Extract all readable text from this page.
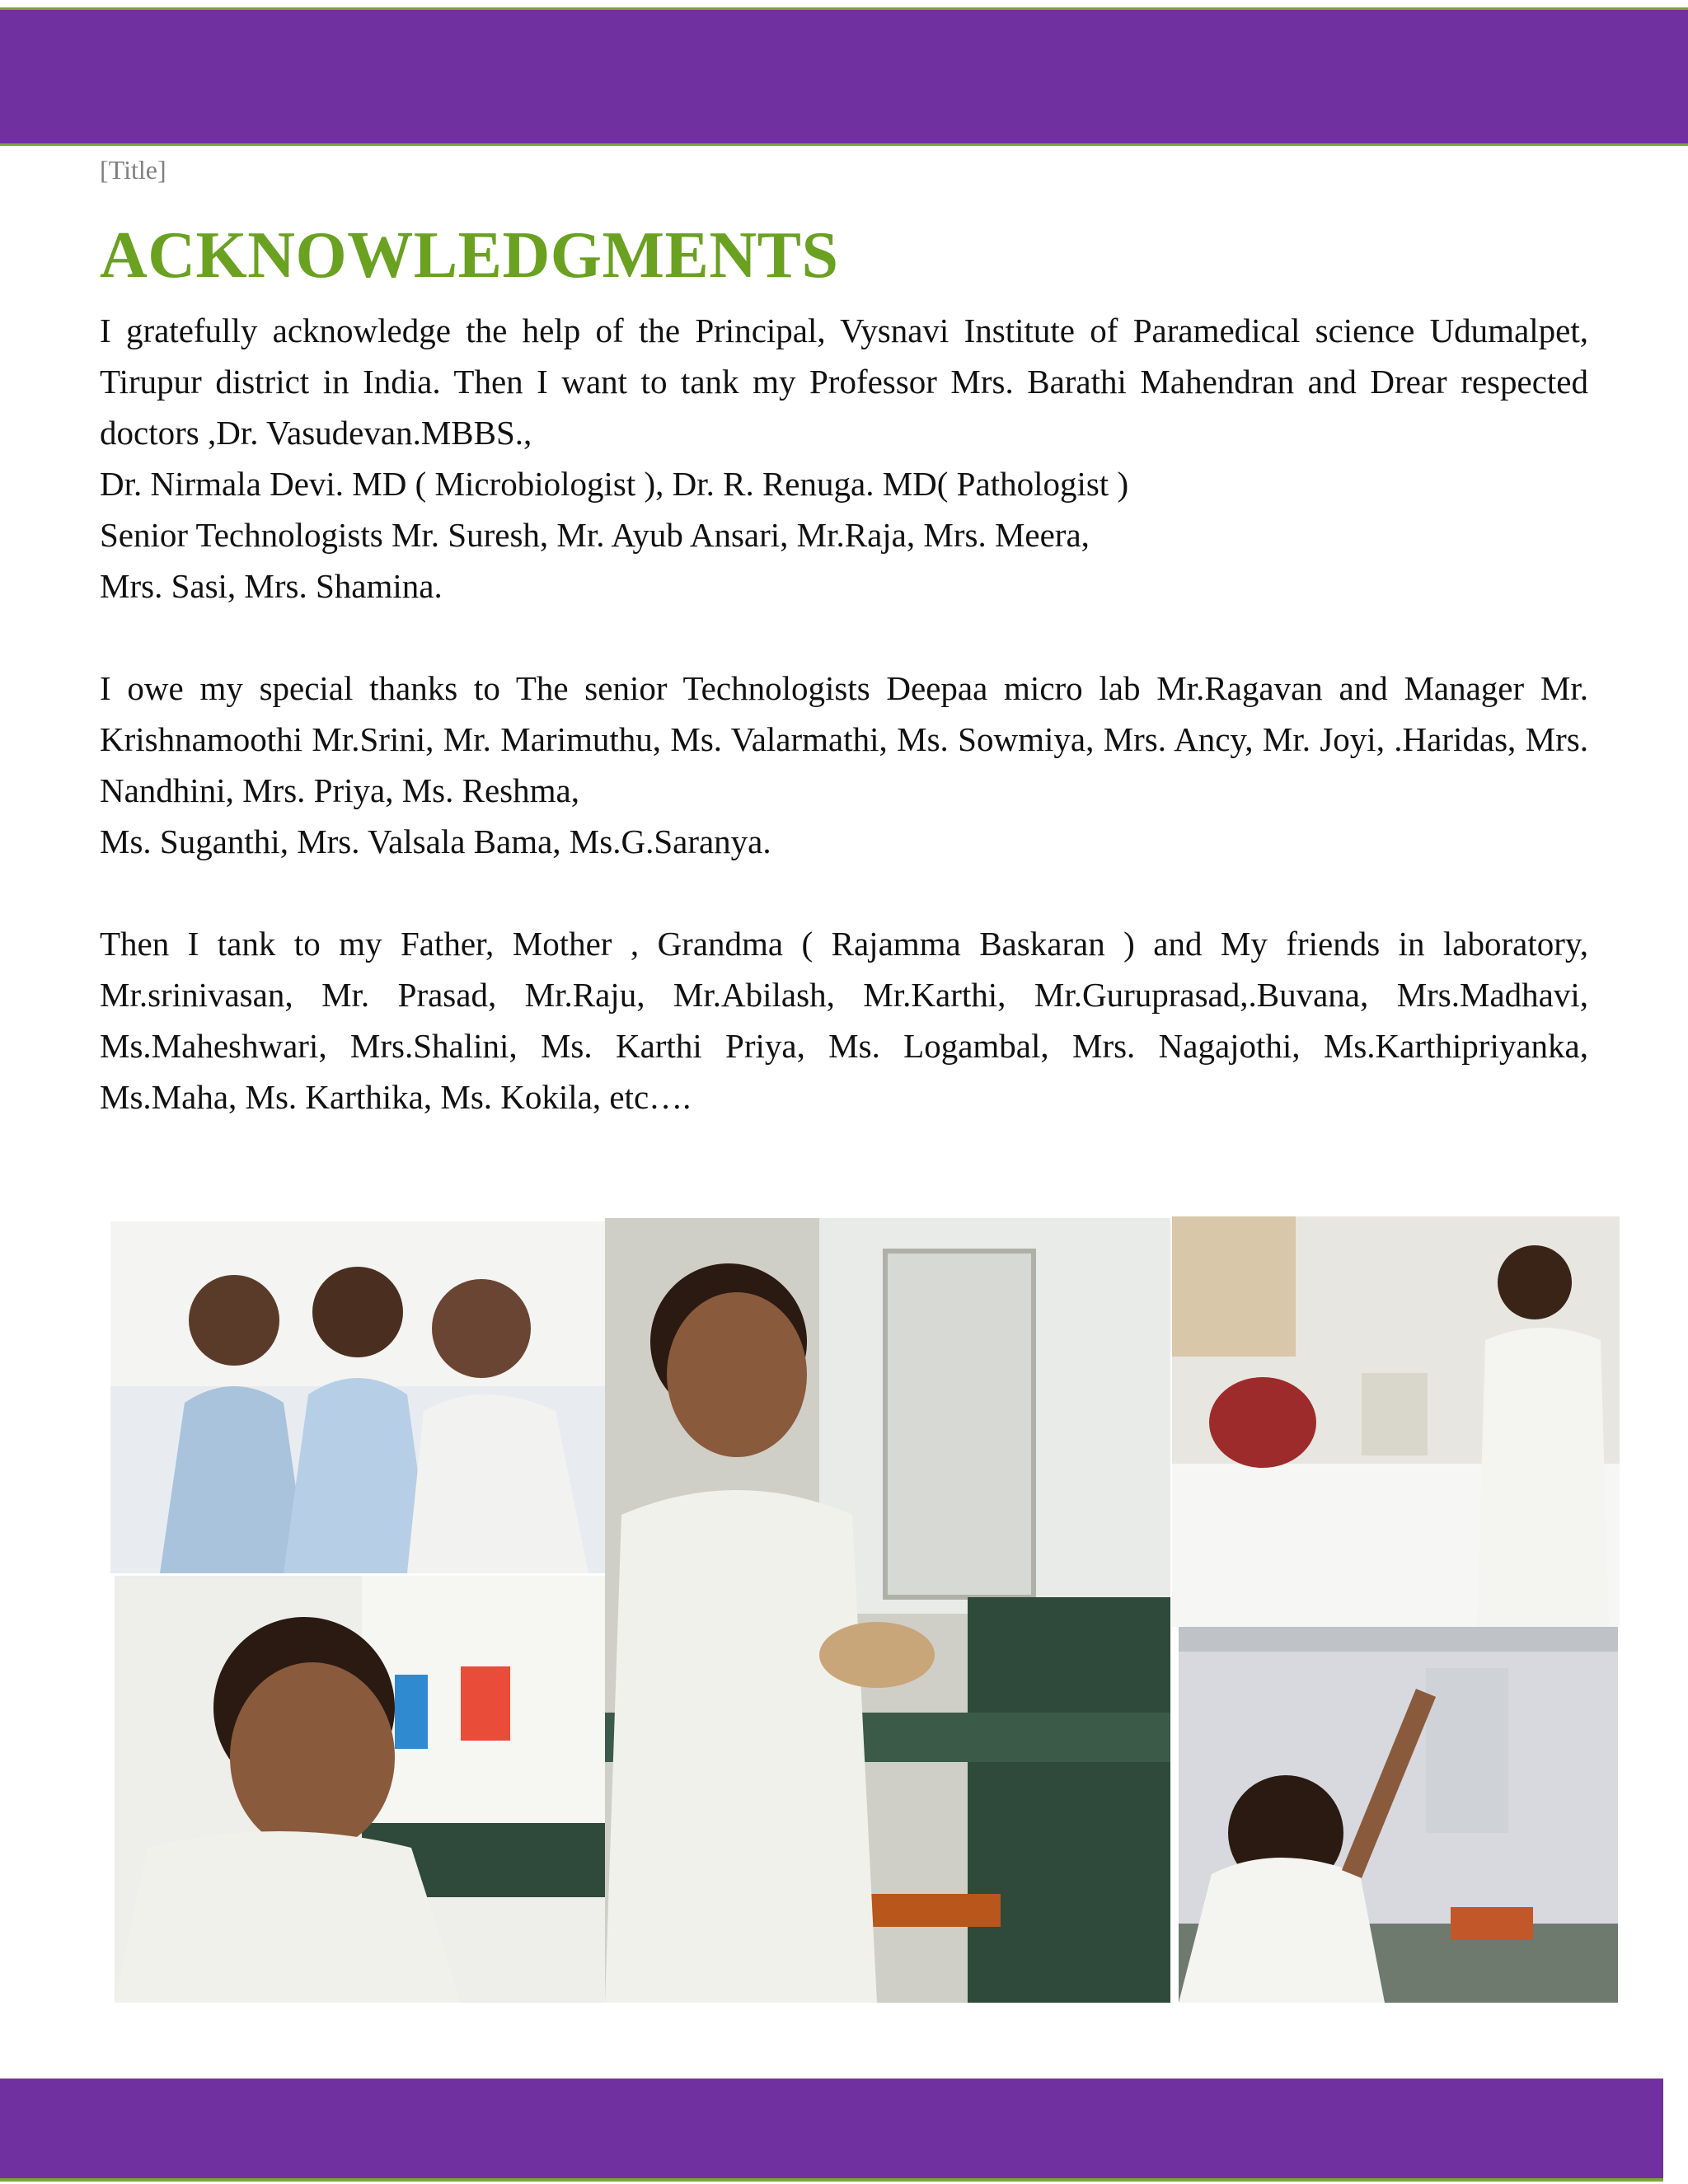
[Title]
ACKNOWLEDGMENTS

I gratefully acknowledge the help of the Principal, Vysnavi Institute of Paramedical science Udumalpet, Tirupur district in India. Then I want to tank my Professor Mrs. Barathi Mahendran and Drear respected doctors ,Dr. Vasudevan.MBBS.,

Dr. Nirmala Devi. MD ( Microbiologist ), Dr. R. Renuga. MD( Pathologist )

Senior Technologists Mr. Suresh, Mr. Ayub Ansari, Mr.Raja, Mrs. Meera,

Mrs. Sasi, Mrs. Shamina.

I owe my special thanks to The senior Technologists Deepaa micro lab Mr.Ragavan and Manager Mr. Krishnamoothi Mr.Srini, Mr. Marimuthu, Ms. Valarmathi, Ms. Sowmiya, Mrs. Ancy, Mr. Joyi, .Haridas, Mrs. Nandhini, Mrs. Priya, Ms. Reshma,

Ms. Suganthi, Mrs. Valsala Bama, Ms.G.Saranya.

Then I tank to my Father, Mother , Grandma ( Rajamma Baskaran ) and My friends in laboratory, Mr.srinivasan, Mr. Prasad, Mr.Raju, Mr.Abilash, Mr.Karthi, Mr.Guruprasad,.Buvana, Mrs.Madhavi, Ms.Maheshwari, Mrs.Shalini, Ms. Karthi Priya, Ms. Logambal, Mrs. Nagajothi, Ms.Karthipriyanka, Ms.Maha, Ms. Karthika, Ms. Kokila, etc….
